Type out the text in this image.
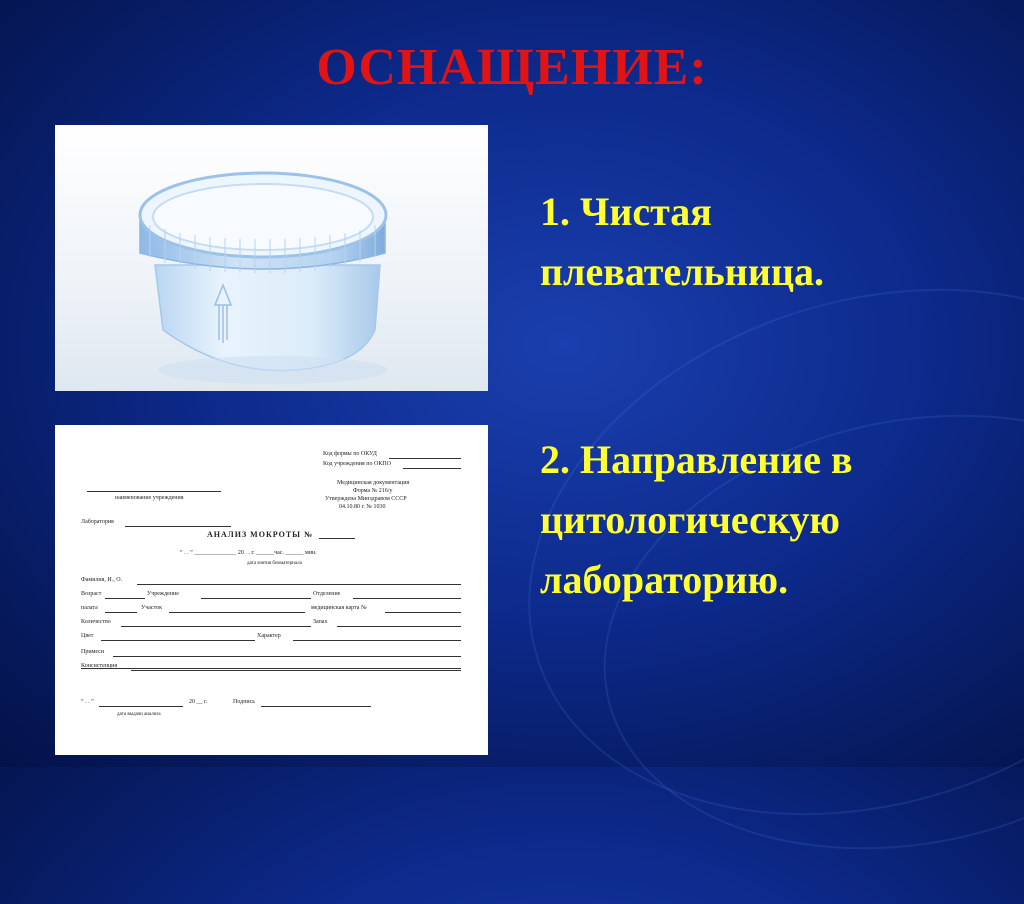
ОСНАЩЕНИЕ:
Код формы по ОКУД
Код учреждения по ОКПО
Медицинская документация
Форма № 216/у
Утверждена Минздравом СССР
04.10.80 г. № 1030
наименование учреждения
Лаборатория
АНАЛИЗ МОКРОТЫ №
“ . . ” ______________ 20 . . г. ______час. ______ мин.
дата взятия биоматериала
Фамилия, И., О.
Возраст	Учреждение	Отделение
палата	Участок	медицинская карта №
Количество	Запах
Цвет	Характер
Примеси
Консистенция
“ . . ”	20 __ г.	Подпись
дата выдачи анализа
1. Чистая
плевательница.
2. Направление в
цитологическую
лабораторию.
